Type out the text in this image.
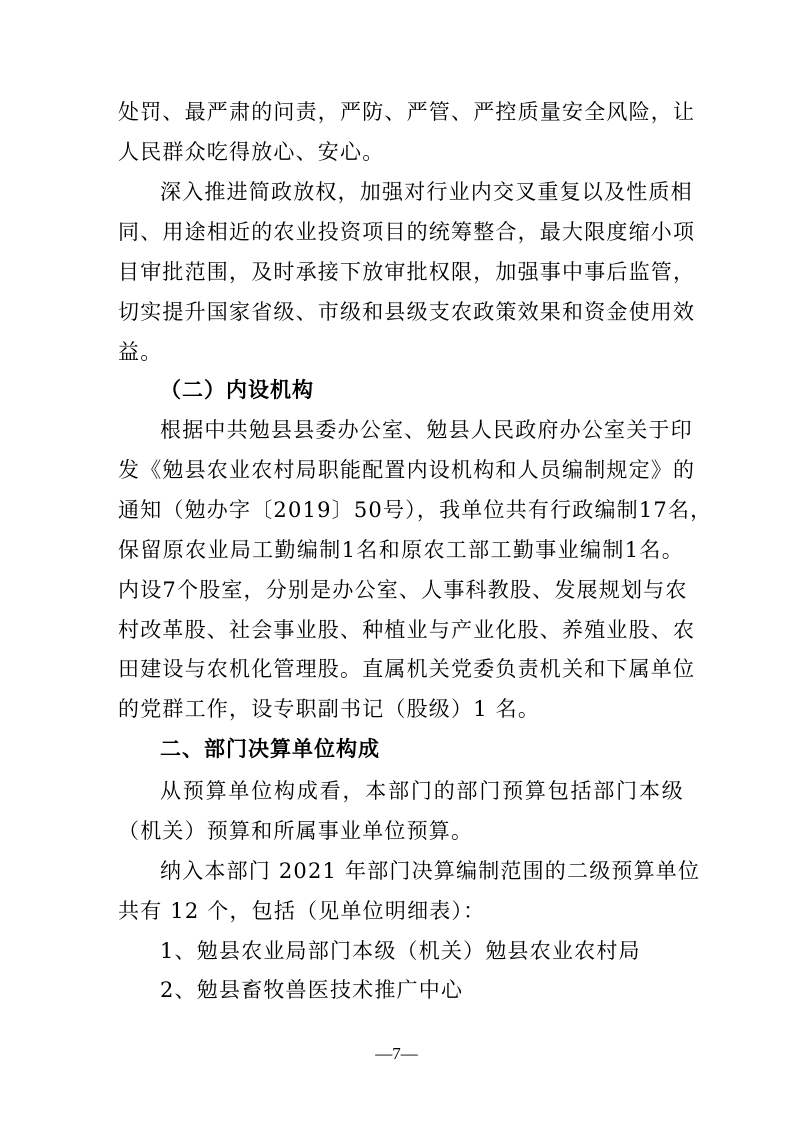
处罚、最严肃的问责，严防、严管、严控质量安全风险，让
人民群众吃得放心、安心。
深入推进简政放权，加强对行业内交叉重复以及性质相
同、用途相近的农业投资项目的统筹整合，最大限度缩小项
目审批范围，及时承接下放审批权限，加强事中事后监管，
切实提升国家省级、市级和县级支农政策效果和资金使用效
益。
（二）内设机构
根据中共勉县县委办公室、勉县人民政府办公室关于印
发《勉县农业农村局职能配置内设机构和人员编制规定》的
通知（勉办字〔2019〕50号），我单位共有行政编制17名，
保留原农业局工勤编制1名和原农工部工勤事业编制1名。
内设7个股室，分别是办公室、人事科教股、发展规划与农
村改革股、社会事业股、种植业与产业化股、养殖业股、农
田建设与农机化管理股。直属机关党委负责机关和下属单位
的党群工作，设专职副书记（股级）1 名。
二、部门决算单位构成
从预算单位构成看，本部门的部门预算包括部门本级
（机关）预算和所属事业单位预算。
纳入本部门 2021 年部门决算编制范围的二级预算单位
共有 12 个，包括（见单位明细表）：
1、勉县农业局部门本级（机关）勉县农业农村局
2、勉县畜牧兽医技术推广中心
—7—
